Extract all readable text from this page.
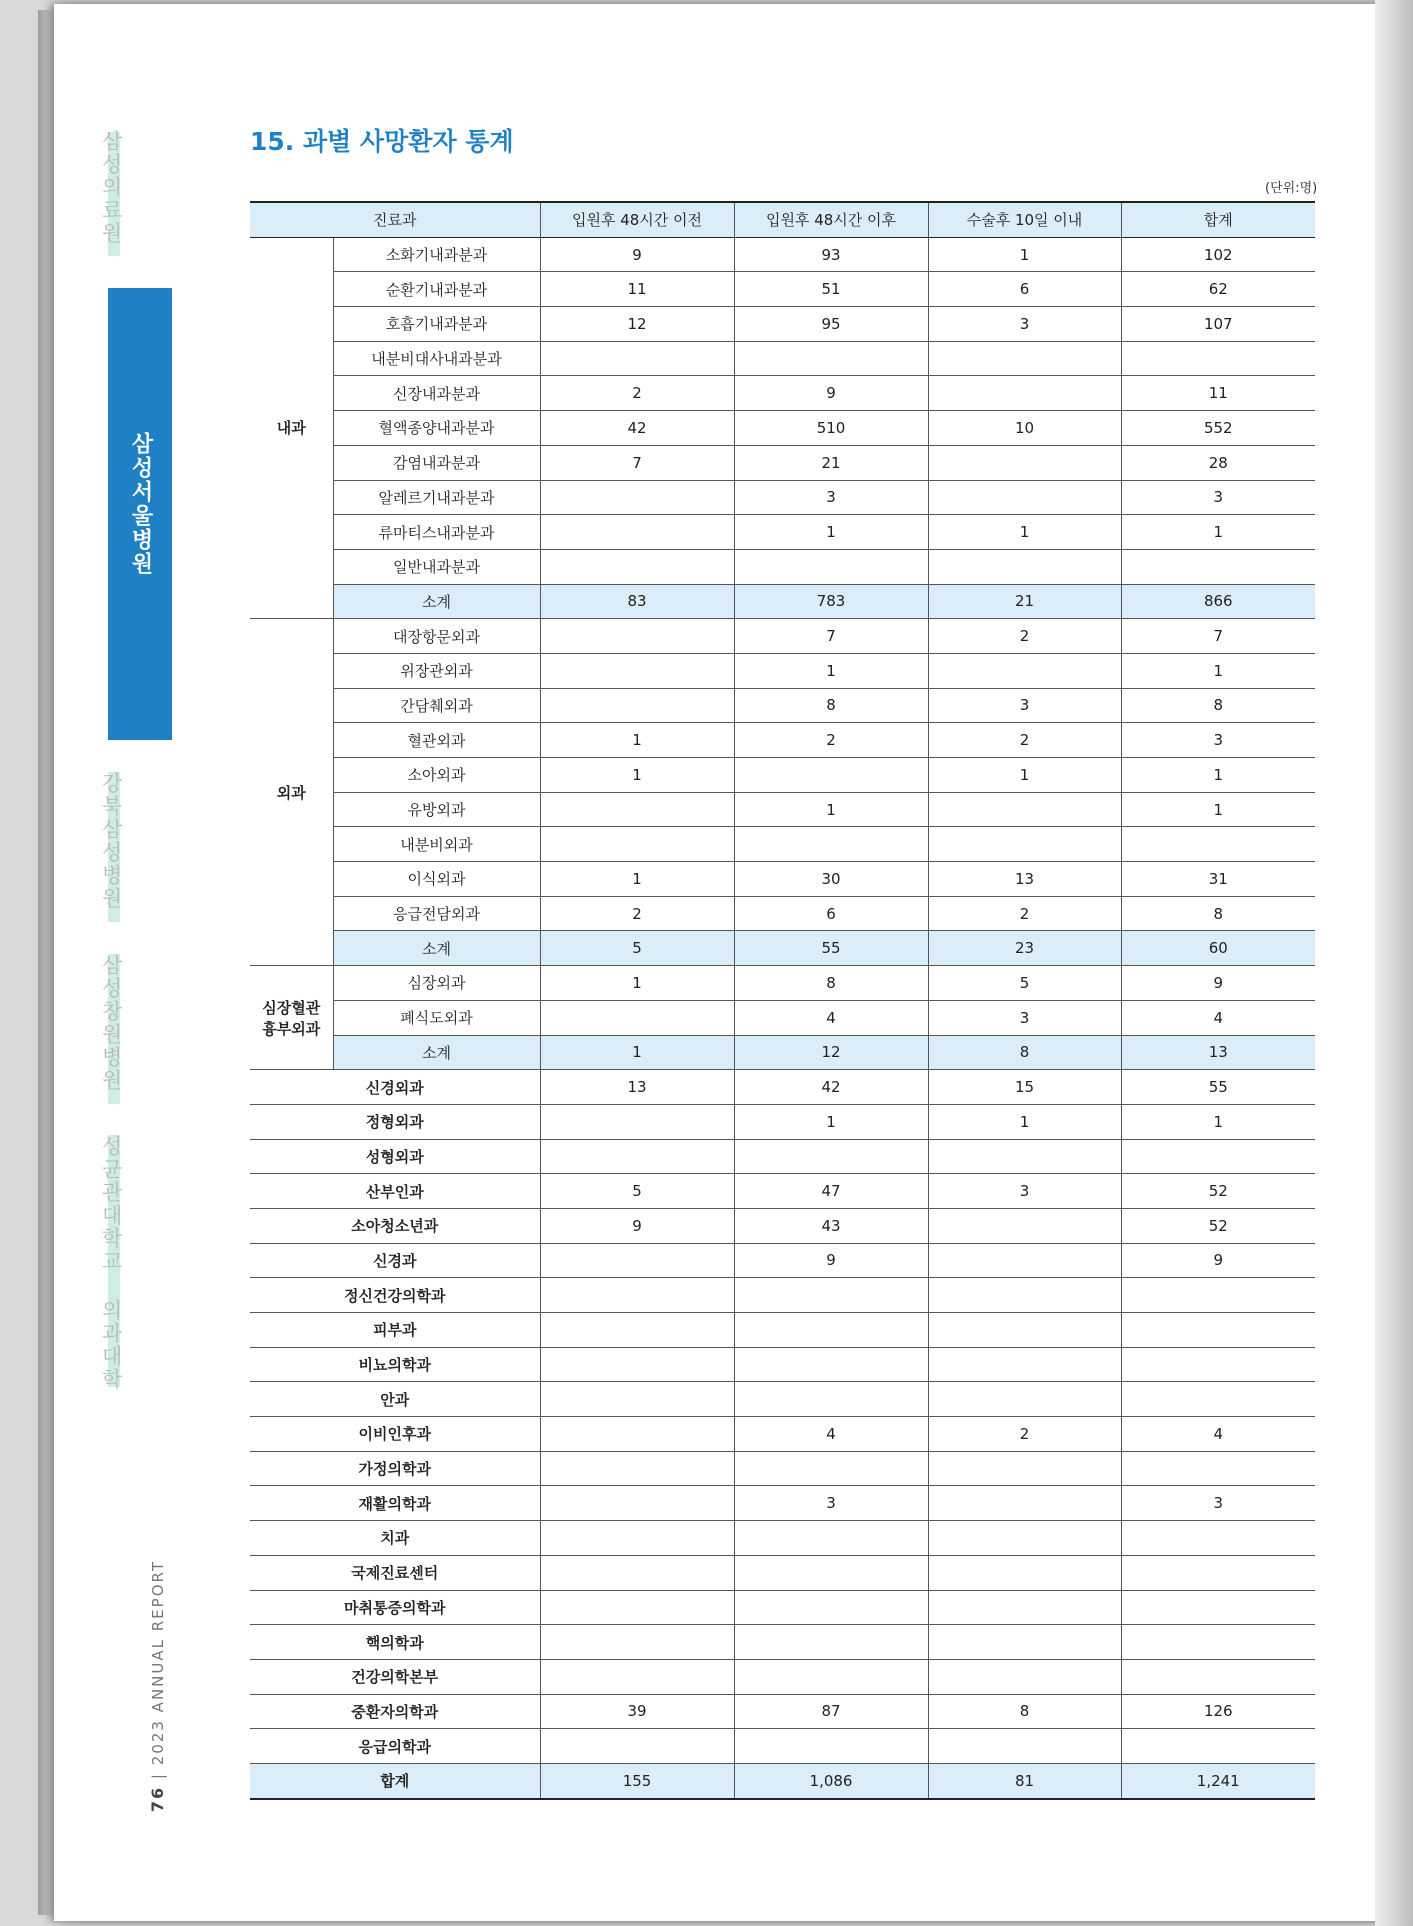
삼성의료원
삼성서울병원
강북삼성병원
삼성창원병원
성균관대학교 의과대학
76 | 2023 ANNUAL REPORT
15. 과별 사망환자 통계
(단위:명)
진료과		입원후 48시간 이전	입원후 48시간 이후	수술후 10일 이내	합계
내과	소화기내과분과	9	93	1	102
	순환기내과분과	11	51	6	62
	호흡기내과분과	12	95	3	107
	내분비대사내과분과				
	신장내과분과	2	9		11
	혈액종양내과분과	42	510	10	552
	감염내과분과	7	21		28
	알레르기내과분과		3		3
	류마티스내과분과		1	1	1
	일반내과분과				
	소계	83	783	21	866
외과	대장항문외과		7	2	7
	위장관외과		1		1
	간담췌외과		8	3	8
	혈관외과	1	2	2	3
	소아외과	1		1	1
	유방외과		1		1
	내분비외과				
	이식외과	1	30	13	31
	응급전담외과	2	6	2	8
	소계	5	55	23	60
심장혈관
흉부외과	심장외과	1	8	5	9
	폐식도외과		4	3	4
	소계	1	12	8	13
신경외과		13	42	15	55
정형외과			1	1	1
성형외과					
산부인과		5	47	3	52
소아청소년과		9	43		52
신경과			9		9
정신건강의학과					
피부과					
비뇨의학과					
안과					
이비인후과			4	2	4
가정의학과					
재활의학과			3		3
치과					
국제진료센터					
마취통증의학과					
핵의학과					
건강의학본부					
중환자의학과		39	87	8	126
응급의학과					
합계		155	1,086	81	1,241
